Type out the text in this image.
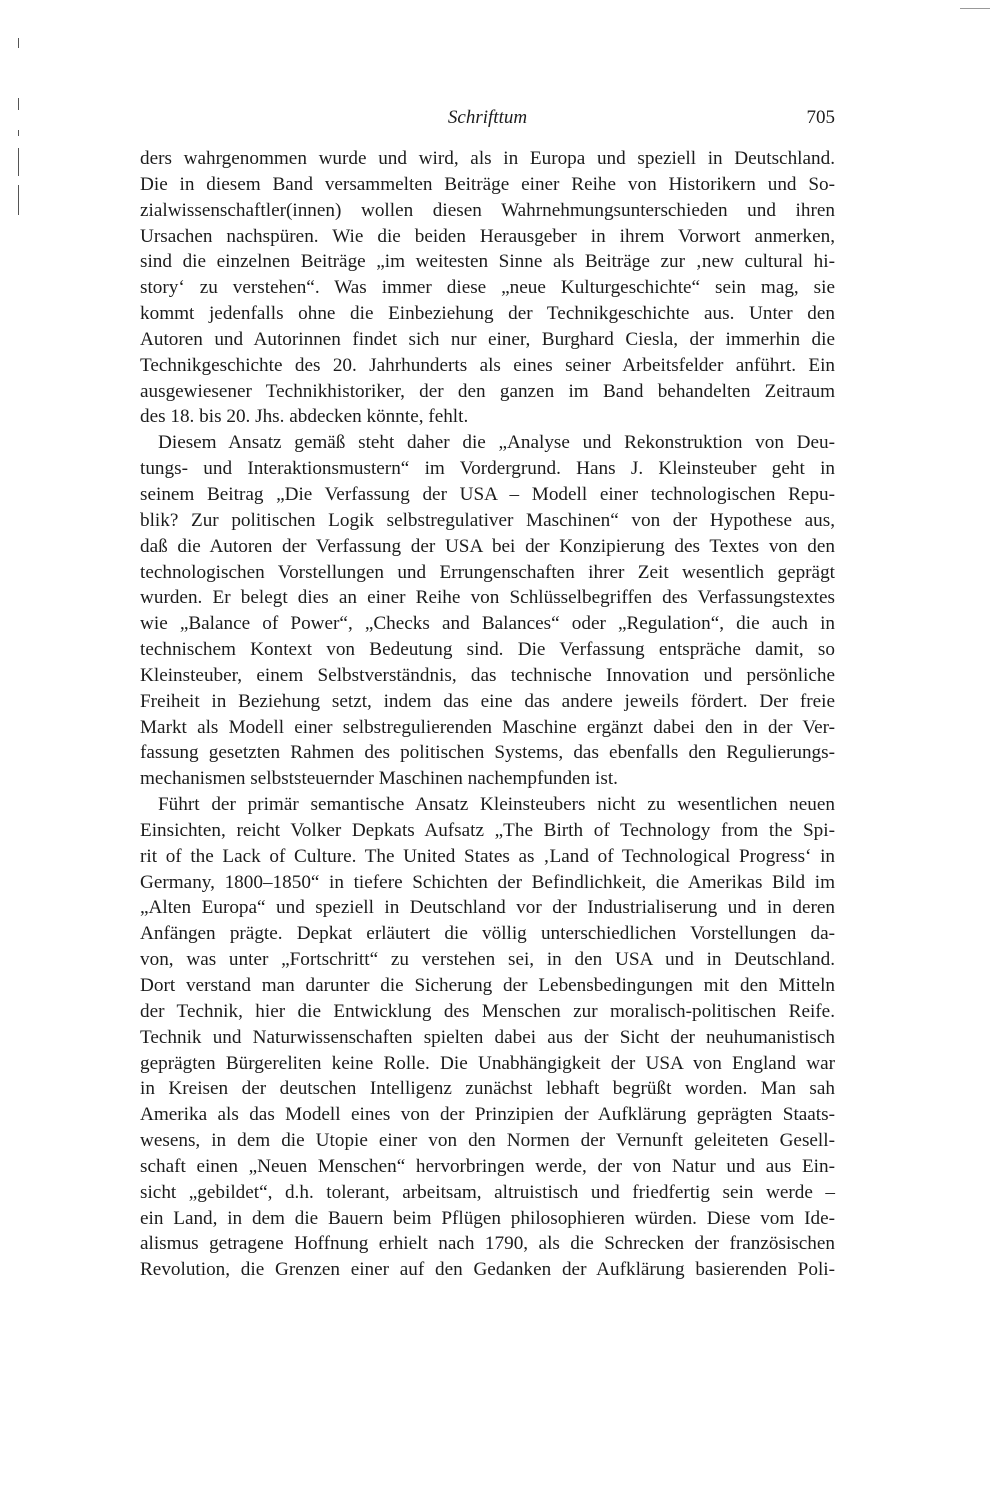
Schrifttum	705
ders wahrgenommen wurde und wird, als in Europa und speziell in Deutschland.
Die in diesem Band versammelten Beiträge einer Reihe von Historikern und So-
zialwissenschaftler(innen) wollen diesen Wahrnehmungsunterschieden und ihren
Ursachen nachspüren. Wie die beiden Herausgeber in ihrem Vorwort anmerken,
sind die einzelnen Beiträge „im weitesten Sinne als Beiträge zur ‚new cultural hi-
story‘ zu verstehen“. Was immer diese „neue Kulturgeschichte“ sein mag, sie
kommt jedenfalls ohne die Einbeziehung der Technikgeschichte aus. Unter den
Autoren und Autorinnen findet sich nur einer, Burghard Ciesla, der immerhin die
Technikgeschichte des 20. Jahrhunderts als eines seiner Arbeitsfelder anführt. Ein
ausgewiesener Technikhistoriker, der den ganzen im Band behandelten Zeitraum
des 18. bis 20. Jhs. abdecken könnte, fehlt.
Diesem Ansatz gemäß steht daher die „Analyse und Rekonstruktion von Deu-
tungs- und Interaktionsmustern“ im Vordergrund. Hans J. Kleinsteuber geht in
seinem Beitrag „Die Verfassung der USA – Modell einer technologischen Repu-
blik? Zur politischen Logik selbstregulativer Maschinen“ von der Hypothese aus,
daß die Autoren der Verfassung der USA bei der Konzipierung des Textes von den
technologischen Vorstellungen und Errungenschaften ihrer Zeit wesentlich geprägt
wurden. Er belegt dies an einer Reihe von Schlüsselbegriffen des Verfassungstextes
wie „Balance of Power“, „Checks and Balances“ oder „Regulation“, die auch in
technischem Kontext von Bedeutung sind. Die Verfassung entspräche damit, so
Kleinsteuber, einem Selbstverständnis, das technische Innovation und persönliche
Freiheit in Beziehung setzt, indem das eine das andere jeweils fördert. Der freie
Markt als Modell einer selbstregulierenden Maschine ergänzt dabei den in der Ver-
fassung gesetzten Rahmen des politischen Systems, das ebenfalls den Regulierungs-
mechanismen selbststeuernder Maschinen nachempfunden ist.
Führt der primär semantische Ansatz Kleinsteubers nicht zu wesentlichen neuen
Einsichten, reicht Volker Depkats Aufsatz „The Birth of Technology from the Spi-
rit of the Lack of Culture. The United States as ‚Land of Technological Progress‘ in
Germany, 1800–1850“ in tiefere Schichten der Befindlichkeit, die Amerikas Bild im
„Alten Europa“ und speziell in Deutschland vor der Industrialiserung und in deren
Anfängen prägte. Depkat erläutert die völlig unterschiedlichen Vorstellungen da-
von, was unter „Fortschritt“ zu verstehen sei, in den USA und in Deutschland.
Dort verstand man darunter die Sicherung der Lebensbedingungen mit den Mitteln
der Technik, hier die Entwicklung des Menschen zur moralisch-politischen Reife.
Technik und Naturwissenschaften spielten dabei aus der Sicht der neuhumanistisch
geprägten Bürgereliten keine Rolle. Die Unabhängigkeit der USA von England war
in Kreisen der deutschen Intelligenz zunächst lebhaft begrüßt worden. Man sah
Amerika als das Modell eines von der Prinzipien der Aufklärung geprägten Staats-
wesens, in dem die Utopie einer von den Normen der Vernunft geleiteten Gesell-
schaft einen „Neuen Menschen“ hervorbringen werde, der von Natur und aus Ein-
sicht „gebildet“, d.h. tolerant, arbeitsam, altruistisch und friedfertig sein werde –
ein Land, in dem die Bauern beim Pflügen philosophieren würden. Diese vom Ide-
alismus getragene Hoffnung erhielt nach 1790, als die Schrecken der französischen
Revolution, die Grenzen einer auf den Gedanken der Aufklärung basierenden Poli-
